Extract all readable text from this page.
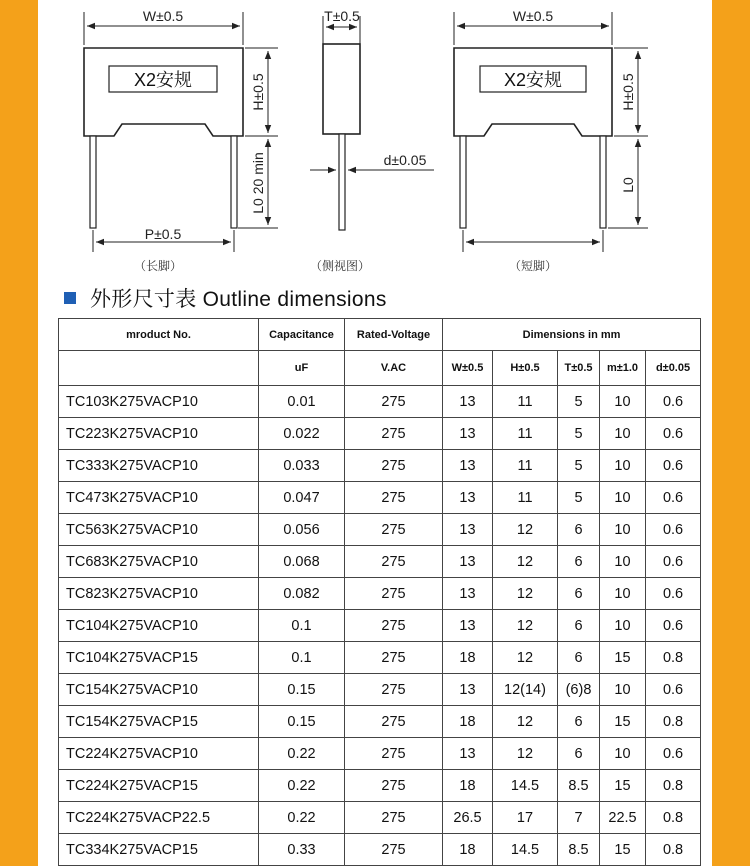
W±0.5
X2安规	H±0.5
L0 20 min
P±0.5
（长脚）
T±0.5
d±0.05
（侧视图）
W±0.5
X2安规	H±0.5
L0
（短脚）
外形尺寸表 Outline dimensions
mroduct No.	Capacitance	Rated-Voltage	Dimensions in mm				
	uF	V.AC	W±0.5	H±0.5	T±0.5	m±1.0	d±0.05
TC103K275VACP10	0.01	275	13	11	5	10	0.6
TC223K275VACP10	0.022	275	13	11	5	10	0.6
TC333K275VACP10	0.033	275	13	11	5	10	0.6
TC473K275VACP10	0.047	275	13	11	5	10	0.6
TC563K275VACP10	0.056	275	13	12	6	10	0.6
TC683K275VACP10	0.068	275	13	12	6	10	0.6
TC823K275VACP10	0.082	275	13	12	6	10	0.6
TC104K275VACP10	0.1	275	13	12	6	10	0.6
TC104K275VACP15	0.1	275	18	12	6	15	0.8
TC154K275VACP10	0.15	275	13	12(14)	(6)8	10	0.6
TC154K275VACP15	0.15	275	18	12	6	15	0.8
TC224K275VACP10	0.22	275	13	12	6	10	0.6
TC224K275VACP15	0.22	275	18	14.5	8.5	15	0.8
TC224K275VACP22.5	0.22	275	26.5	17	7	22.5	0.8
TC334K275VACP15	0.33	275	18	14.5	8.5	15	0.8
